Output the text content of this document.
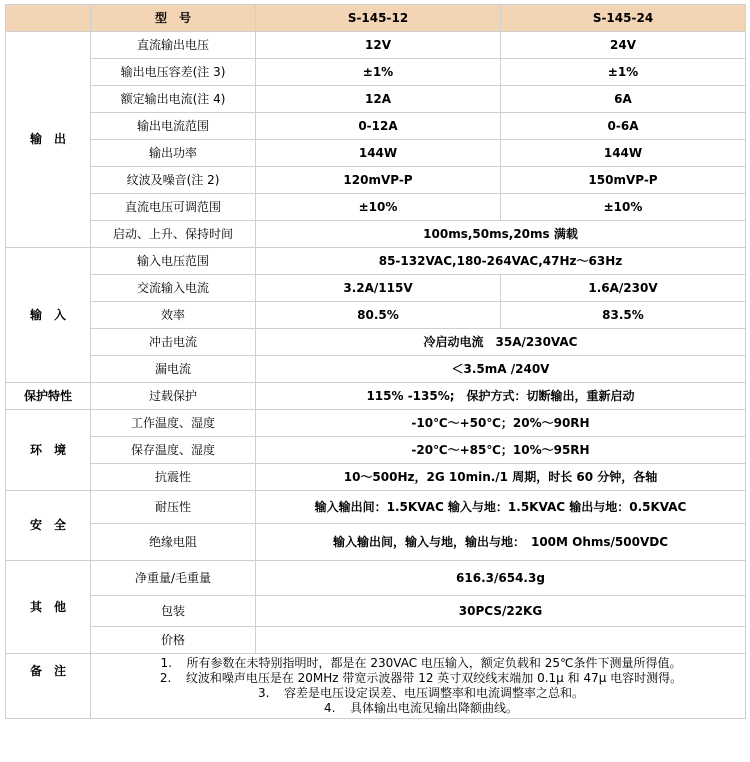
	型　号	S-145-12	S-145-24
输　出	直流输出电压	12V	24V
	输出电压容差(注 3)	±1%	±1%
	额定输出电流(注 4)	12A	6A
	输出电流范围	0-12A	0-6A
	输出功率	144W	144W
	纹波及噪音(注 2)	120mVP-P	150mVP-P
	直流电压可调范围	±10%	±10%
	启动、上升、保持时间	100ms,50ms,20ms 满载	
输　入	输入电压范围	85-132VAC,180-264VAC,47Hz～63Hz	
	交流输入电流	3.2A/115V	1.6A/230V
	效率	80.5%	83.5%
	冲击电流	冷启动电流　35A/230VAC	
	漏电流	＜3.5mA /240V	
保护特性	过载保护	115% -135%;　保护方式：切断输出，重新启动	
环　境	工作温度、湿度	-10℃～+50℃；20%～90RH	
	保存温度、湿度	-20℃～+85℃；10%～95RH	
	抗震性	10～500Hz，2G 10min./1 周期，时长 60 分钟，各轴	
安　全	耐压性	输入输出间：1.5KVAC 输入与地：1.5KVAC 输出与地：0.5KVAC	
	绝缘电阻	输入输出间，输入与地，输出与地：　100M Ohms/500VDC	
其　他	净重量/毛重量	616.3/654.3g	
	包装	30PCS/22KG	
	价格		
备　注	1. 所有参数在未特别指明时，都是在 230VAC 电压输入，额定负载和 25℃条件下测量所得值。
2. 纹波和噪声电压是在 20MHz 带宽示波器带 12 英寸双绞线末端加 0.1µ 和 47µ 电容时测得。
3. 容差是电压设定误差、电压调整率和电流调整率之总和。
4. 具体输出电流见输出降额曲线。		
